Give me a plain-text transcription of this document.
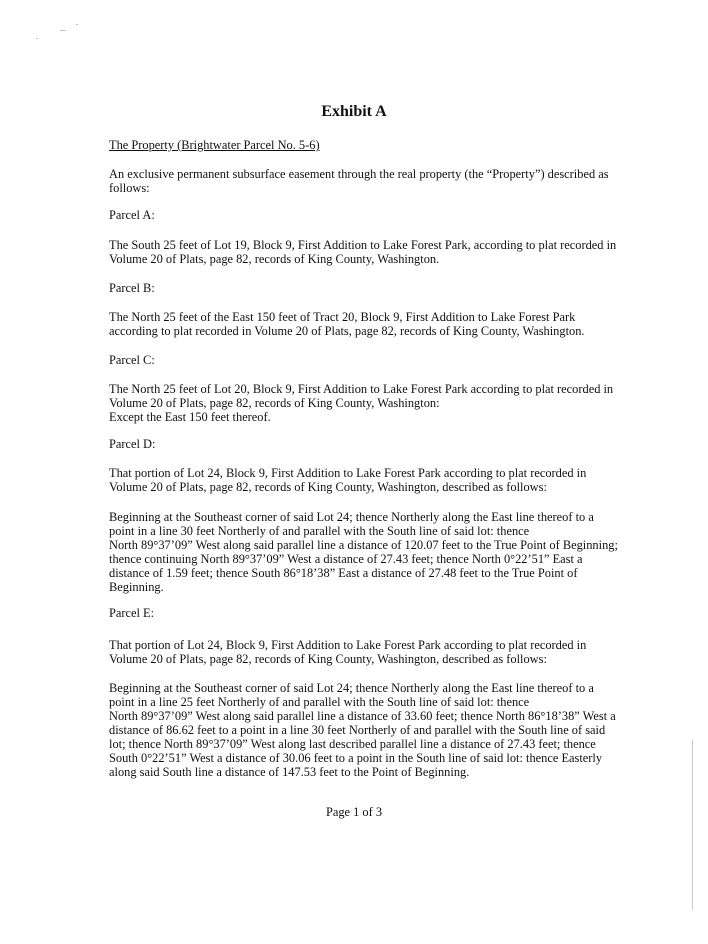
Exhibit A
The Property (Brightwater Parcel No. 5-6)
An exclusive permanent subsurface easement through the real property (the “Property”) described as
follows:
Parcel A:
The South 25 feet of Lot 19, Block 9, First Addition to Lake Forest Park, according to plat recorded in
Volume 20 of Plats, page 82, records of King County, Washington.
Parcel B:
The North 25 feet of the East 150 feet of Tract 20, Block 9, First Addition to Lake Forest Park
according to plat recorded in Volume 20 of Plats, page 82, records of King County, Washington.
Parcel C:
The North 25 feet of Lot 20, Block 9, First Addition to Lake Forest Park according to plat recorded in
Volume 20 of Plats, page 82, records of King County, Washington:
Except the East 150 feet thereof.
Parcel D:
That portion of Lot 24, Block 9, First Addition to Lake Forest Park according to plat recorded in
Volume 20 of Plats, page 82, records of King County, Washington, described as follows:
Beginning at the Southeast corner of said Lot 24; thence Northerly along the East line thereof to a
point in a line 30 feet Northerly of and parallel with the South line of said lot: thence
North 89°37’09” West along said parallel line a distance of 120.07 feet to the True Point of Beginning;
thence continuing North 89°37’09” West a distance of 27.43 feet; thence North 0°22’51” East a
distance of 1.59 feet; thence South 86°18’38” East a distance of 27.48 feet to the True Point of
Beginning.
Parcel E:
That portion of Lot 24, Block 9, First Addition to Lake Forest Park according to plat recorded in
Volume 20 of Plats, page 82, records of King County, Washington, described as follows:
Beginning at the Southeast corner of said Lot 24; thence Northerly along the East line thereof to a
point in a line 25 feet Northerly of and parallel with the South line of said lot: thence
North 89°37’09” West along said parallel line a distance of 33.60 feet; thence North 86°18’38” West a
distance of 86.62 feet to a point in a line 30 feet Northerly of and parallel with the South line of said
lot; thence North 89°37’09” West along last described parallel line a distance of 27.43 feet; thence
South 0°22’51” West a distance of 30.06 feet to a point in the South line of said lot: thence Easterly
along said South line a distance of 147.53 feet to the Point of Beginning.
Page 1 of 3
